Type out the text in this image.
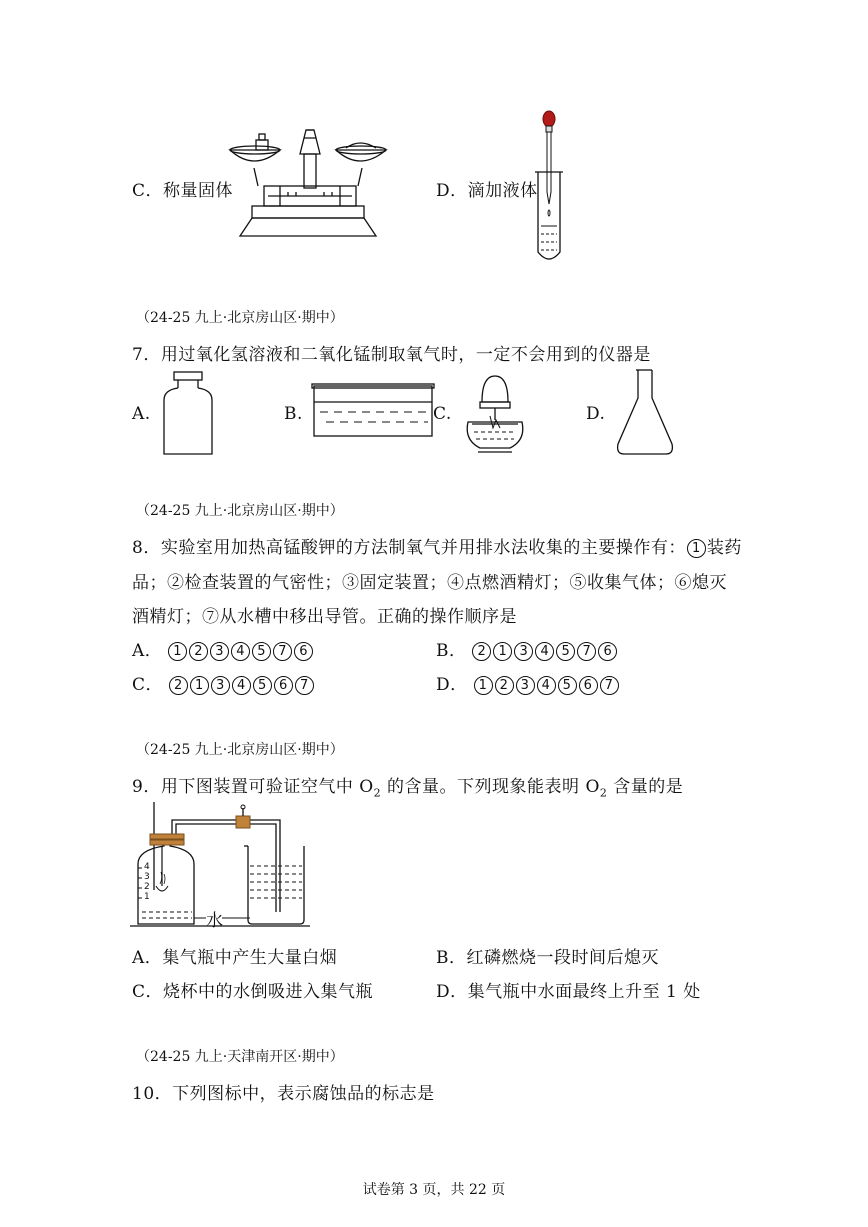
C．称量固体	D．滴加液体
（24-25 九上·北京房山区·期中）
7．用过氧化氢溶液和二氧化锰制取氧气时，一定不会用到的仪器是
A.	B.	C.	D.
（24-25 九上·北京房山区·期中）
8．实验室用加热高锰酸钾的方法制氧气并用排水法收集的主要操作有： 1 装药
品；②检查装置的气密性；③固定装置；④点燃酒精灯；⑤收集气体；⑥熄灭
酒精灯；⑦从水槽中移出导管。正确的操作顺序是
A． 1 2 3 4 5 7 6	B． 2 1 3 4 5 7 6
C． 2 1 3 4 5 6 7	D． 1 2 3 4 5 6 7
（24-25 九上·北京房山区·期中）
9．用下图装置可验证空气中 $O_2$ 的含量。下列现象能表明 $O_2$ 含量的是
4
3
2
1
水
A．集气瓶中产生大量白烟	B．红磷燃烧一段时间后熄灭
C．烧杯中的水倒吸进入集气瓶	D．集气瓶中水面最终上升至 1 处
（24-25 九上·天津南开区·期中）
10．下列图标中，表示腐蚀品的标志是
试卷第 3 页，共 22 页
